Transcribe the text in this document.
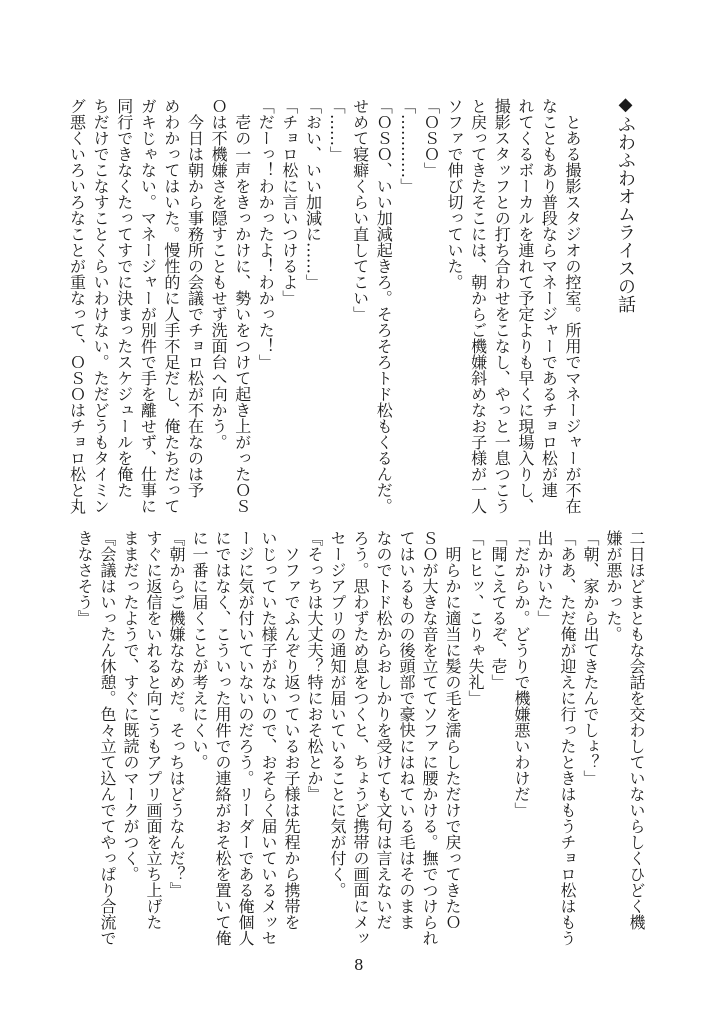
◆ふわふわオムライスの話
　とある撮影スタジオの控室。所用でマネージャーが不在
なこともあり普段ならマネージャーであるチョロ松が連
れてくるボーカルを連れて予定よりも早くに現場入りし、
撮影スタッフとの打ち合わせをこなし、やっと一息つこう
と戻ってきたそこには、朝からご機嫌斜めなお子様が一人
ソファで伸び切っていた。
「ＯＳＯ」
「…………」
「ＯＳＯ、いい加減起きろ。そろそろトド松もくるんだ。
せめて寝癖くらい直してこい」
「……」
「おい、いい加減に……」
「チョロ松に言いつけるよ」
「だーっ！わかったよ！わかった！」
　壱の一声をきっかけに、勢いをつけて起き上がったＯＳ
Ｏは不機嫌さを隠すこともせず洗面台へ向かう。
　今日は朝から事務所の会議でチョロ松が不在なのは予
めわかってはいた。慢性的に人手不足だし、俺たちだって
ガキじゃない。マネージャーが別件で手を離せず、仕事に
同行できなくたってすでに決まったスケジュールを俺た
ちだけでこなすことくらいわけない。ただどうもタイミン
グ悪くいろいろなことが重なって、ＯＳＯはチョロ松と丸
二日ほどまともな会話を交わしていないらしくひどく機
嫌が悪かった。
「朝、家から出てきたんでしょ？」
「ああ、ただ俺が迎えに行ったときはもうチョロ松はもう
出かけいた」
「だからか。どうりで機嫌悪いわけだ」
「聞こえてるぞ、壱」
「ヒヒッ、こりゃ失礼」
　明らかに適当に髪の毛を濡らしただけで戻ってきたＯ
ＳＯが大きな音を立ててソファに腰かける。撫でつけられ
てはいるものの後頭部で豪快にはねている毛はそのまま
なのでトド松からおしかりを受けても文句は言えないだ
ろう。思わずため息をつくと、ちょうど携帯の画面にメッ
セージアプリの通知が届いていることに気が付く。
『そっちは大丈夫？特におそ松とか』
　ソファでふんぞり返っているお子様は先程から携帯を
いじっていた様子がないので、おそらく届いているメッセ
ージに気が付いていないのだろう。リーダーである俺個人
にではなく、こういった用件での連絡がおそ松を置いて俺
に一番に届くことが考えにくい。
『朝からご機嫌ななめだ。そっちはどうなんだ？』
すぐに返信をいれると向こうもアプリ画面を立ち上げた
ままだったようで、すぐに既読のマークがつく。
『会議はいったん休憩。色々立て込んでてやっぱり合流で
きなさそう』
8
